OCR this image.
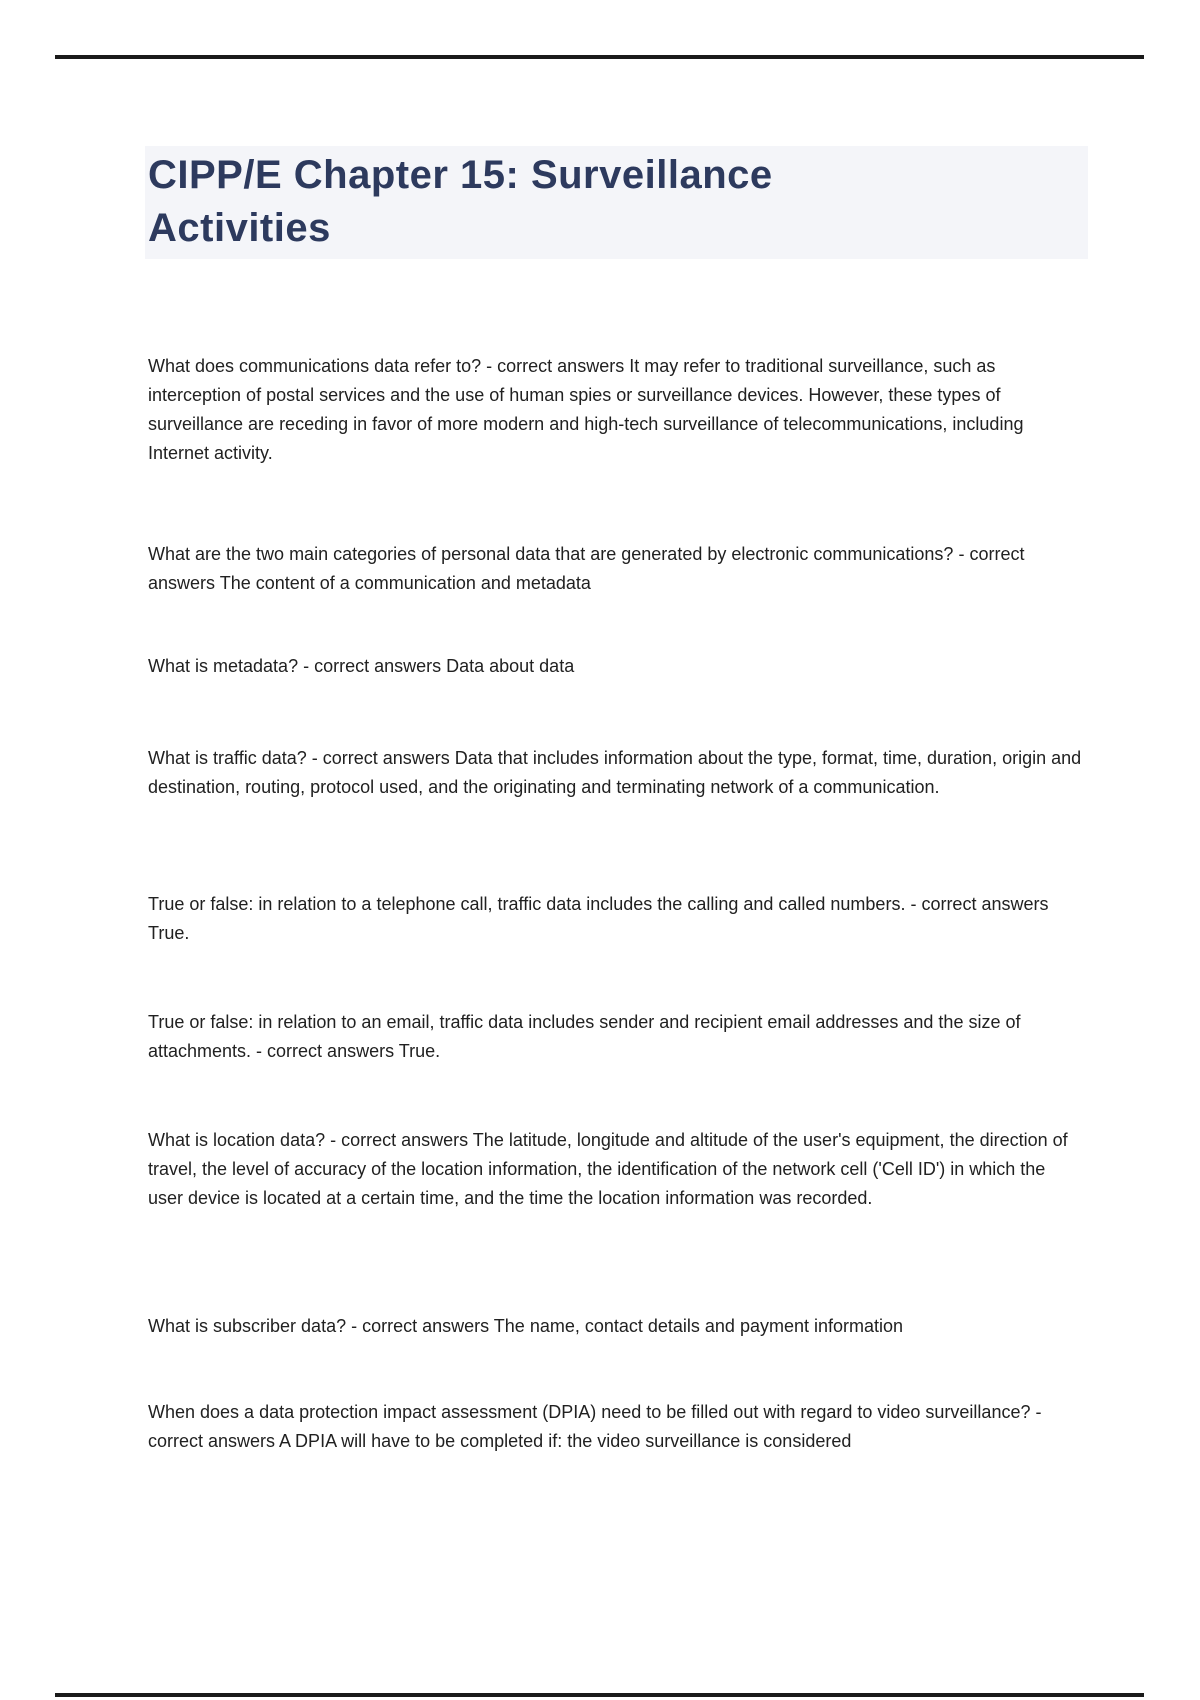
CIPP/E Chapter 15: Surveillance Activities

What does communications data refer to? - correct answers It may refer to traditional surveillance, such as interception of postal services and the use of human spies or surveillance devices. However, these types of surveillance are receding in favor of more modern and high-tech surveillance of telecommunications, including Internet activity.

What are the two main categories of personal data that are generated by electronic communications? - correct answers The content of a communication and metadata

What is metadata? - correct answers Data about data

What is traffic data? - correct answers Data that includes information about the type, format, time, duration, origin and destination, routing, protocol used, and the originating and terminating network of a communication.

True or false: in relation to a telephone call, traffic data includes the calling and called numbers. - correct answers True.

True or false: in relation to an email, traffic data includes sender and recipient email addresses and the size of attachments. - correct answers True.

What is location data? - correct answers The latitude, longitude and altitude of the user's equipment, the direction of travel, the level of accuracy of the location information, the identification of the network cell ('Cell ID') in which the user device is located at a certain time, and the time the location information was recorded.

What is subscriber data? - correct answers The name, contact details and payment information

When does a data protection impact assessment (DPIA) need to be filled out with regard to video surveillance? - correct answers A DPIA will have to be completed if: the video surveillance is considered
